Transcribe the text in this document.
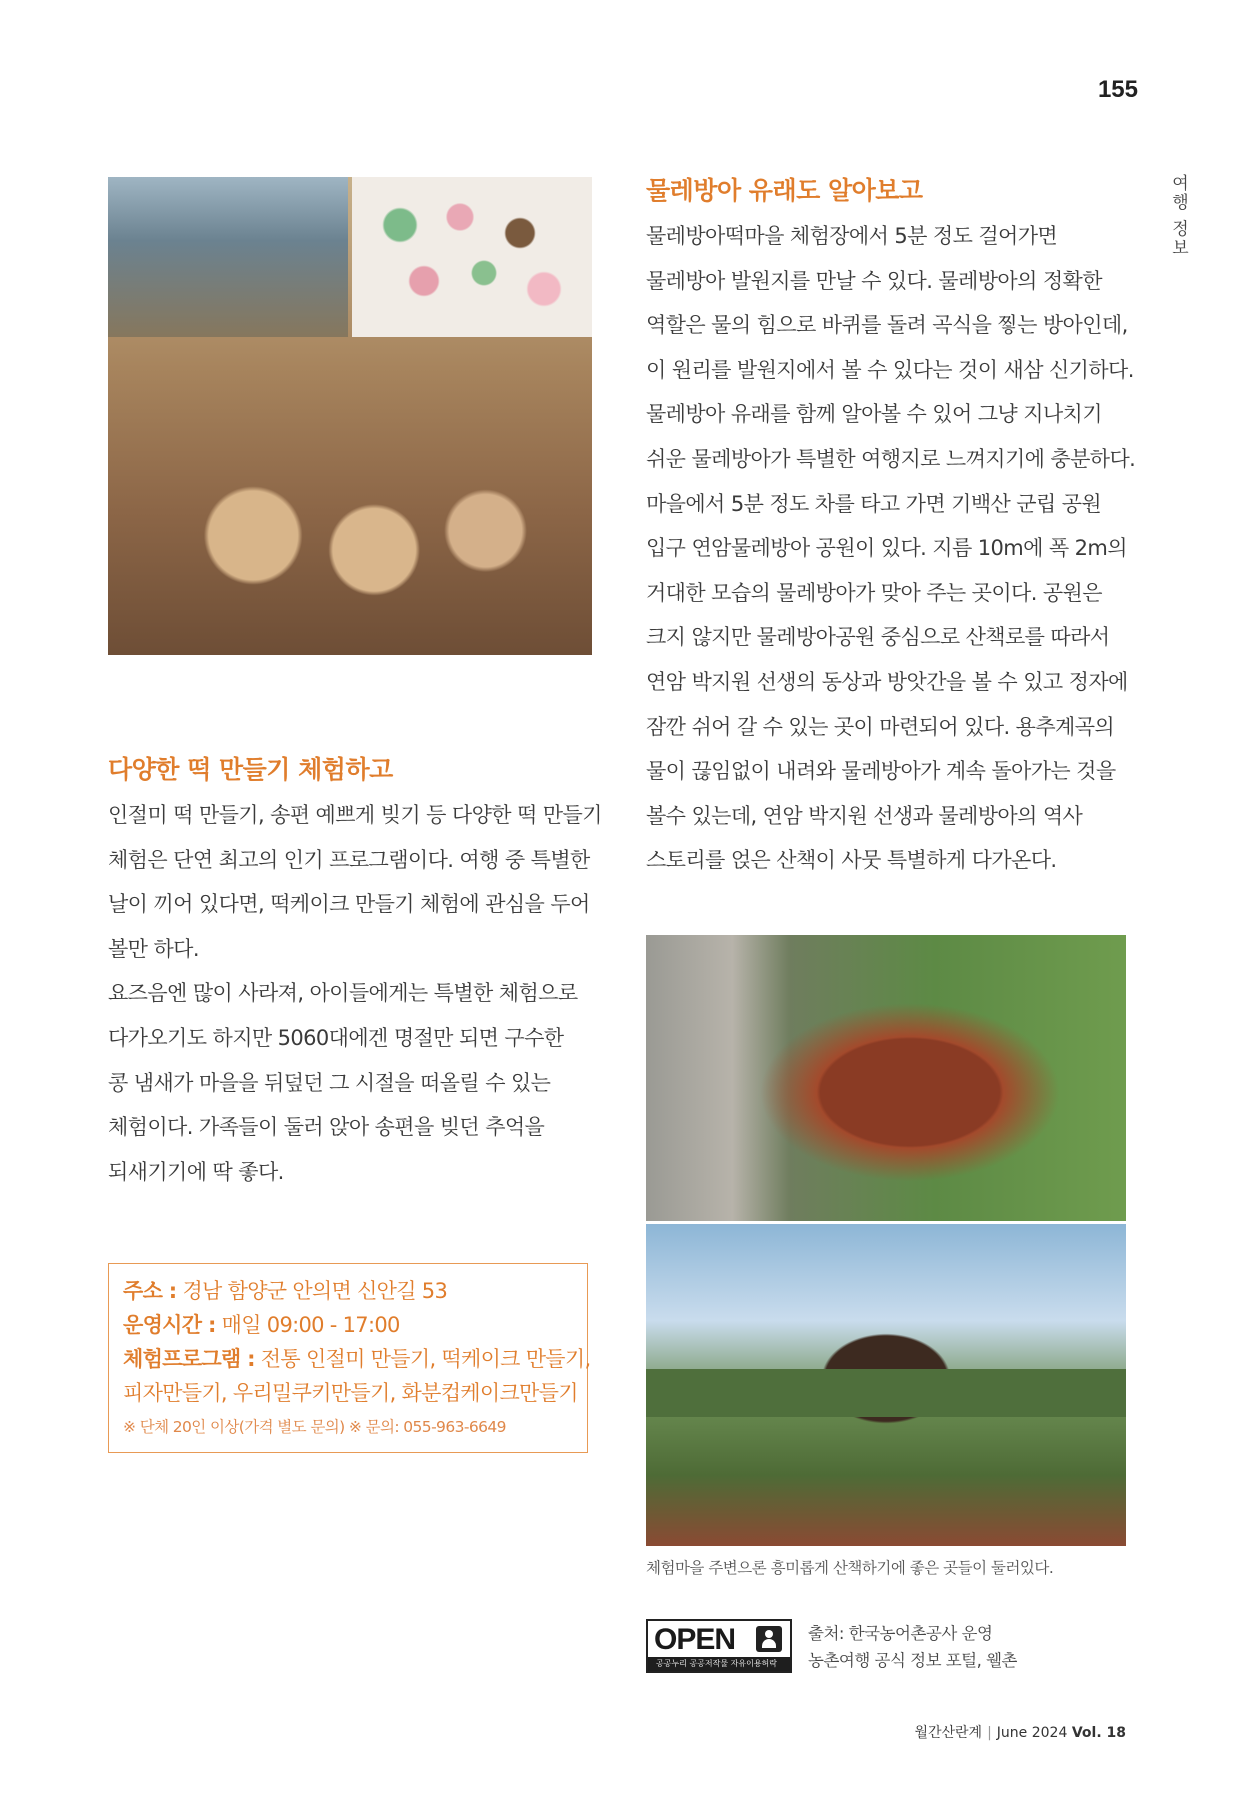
155
여행 정보
다양한 떡 만들기 체험하고

인절미 떡 만들기, 송편 예쁘게 빚기 등 다양한 떡 만들기

체험은 단연 최고의 인기 프로그램이다. 여행 중 특별한

날이 끼어 있다면, 떡케이크 만들기 체험에 관심을 두어

볼만 하다.

요즈음엔 많이 사라져, 아이들에게는 특별한 체험으로

다가오기도 하지만 5060대에겐 명절만 되면 구수한

콩 냄새가 마을을 뒤덮던 그 시절을 떠올릴 수 있는

체험이다. 가족들이 둘러 앉아 송편을 빚던 추억을

되새기기에 딱 좋다.

주소 : 경남 함양군 안의면 신안길 53
운영시간 : 매일 09:00 - 17:00
체험프로그램 : 전통 인절미 만들기, 떡케이크 만들기,
피자만들기, 우리밀쿠키만들기, 화분컵케이크만들기
※ 단체 20인 이상(가격 별도 문의) ※ 문의: 055-963-6649
물레방아 유래도 알아보고

물레방아떡마을 체험장에서 5분 정도 걸어가면

물레방아 발원지를 만날 수 있다. 물레방아의 정확한

역할은 물의 힘으로 바퀴를 돌려 곡식을 찧는 방아인데,

이 원리를 발원지에서 볼 수 있다는 것이 새삼 신기하다.

물레방아 유래를 함께 알아볼 수 있어 그냥 지나치기

쉬운 물레방아가 특별한 여행지로 느껴지기에 충분하다.

마을에서 5분 정도 차를 타고 가면 기백산 군립 공원

입구 연암물레방아 공원이 있다. 지름 10m에 폭 2m의

거대한 모습의 물레방아가 맞아 주는 곳이다. 공원은

크지 않지만 물레방아공원 중심으로 산책로를 따라서

연암 박지원 선생의 동상과 방앗간을 볼 수 있고 정자에

잠깐 쉬어 갈 수 있는 곳이 마련되어 있다. 용추계곡의

물이 끊임없이 내려와 물레방아가 계속 돌아가는 것을

볼수 있는데, 연암 박지원 선생과 물레방아의 역사

스토리를 얹은 산책이 사뭇 특별하게 다가온다.

체험마을 주변으론 흥미롭게 산책하기에 좋은 곳들이 둘러있다.
OPEN
공공누리 공공저작물 자유이용허락
출처: 한국농어촌공사 운영
농촌여행 공식 정보 포털, 웰촌
월간산란계 | June 2024 Vol. 18
